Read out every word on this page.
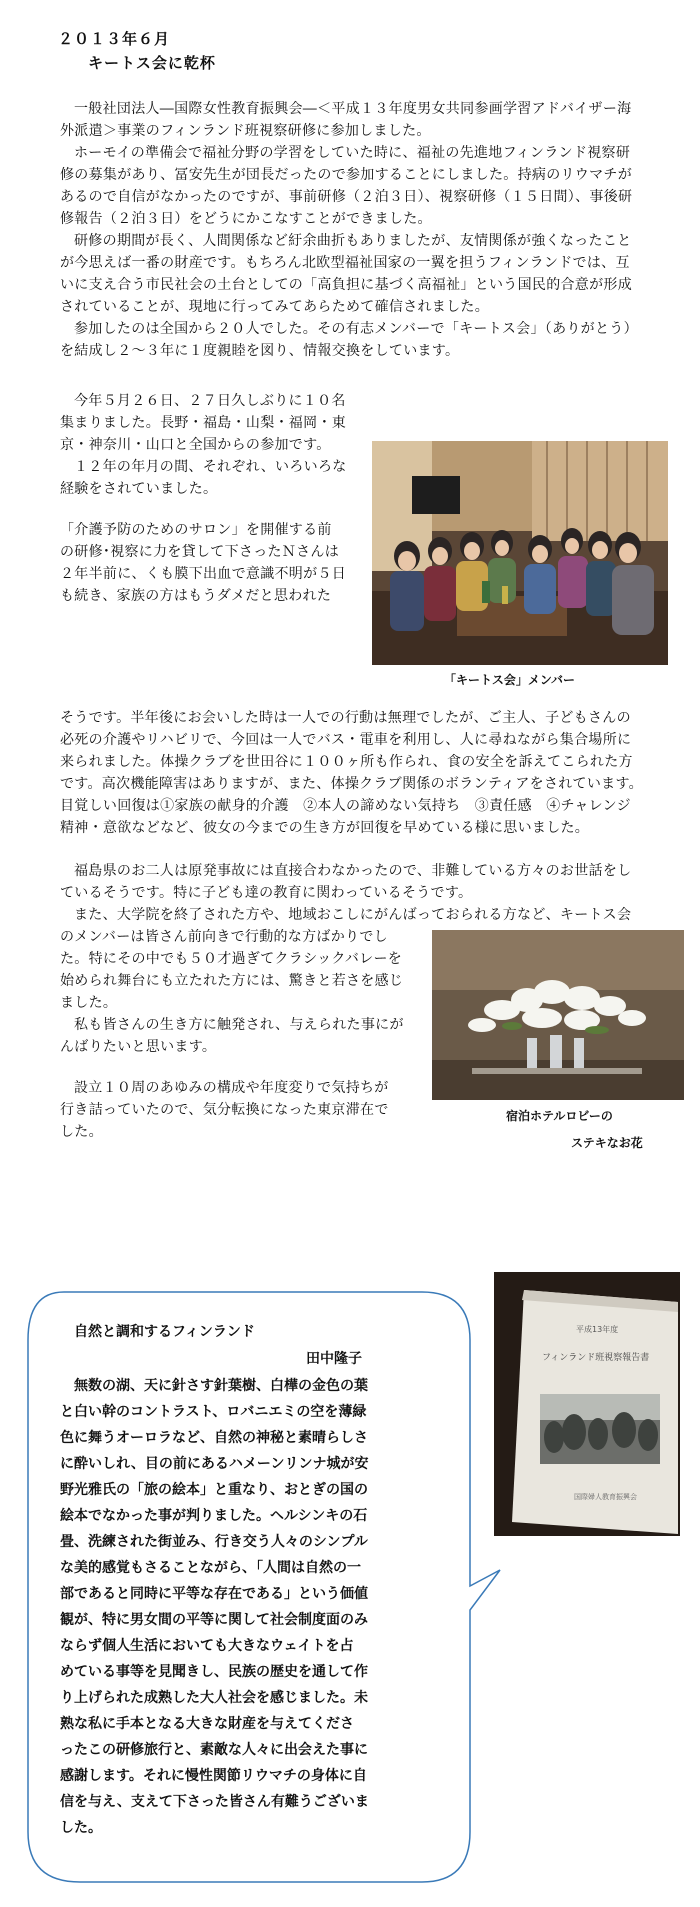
２０１３年６月
キートス会に乾杯
一般社団法人―国際女性教育振興会―＜平成１３年度男女共同参画学習アドバイザー海
外派遣＞事業のフィンランド班視察研修に参加しました。
ホーモイの準備会で福祉分野の学習をしていた時に、福祉の先進地フィンランド視察研
修の募集があり、冨安先生が団長だったので参加することにしました。持病のリウマチが
あるので自信がなかったのですが、事前研修（２泊３日）、視察研修（１５日間）、事後研
修報告（２泊３日）をどうにかこなすことができました。
研修の期間が長く、人間関係など紆余曲折もありましたが、友情関係が強くなったこと
が今思えば一番の財産です。もちろん北欧型福祉国家の一翼を担うフィンランドでは、互
いに支え合う市民社会の土台としての「高負担に基づく高福祉」という国民的合意が形成
されていることが、現地に行ってみてあらためて確信されました。
参加したのは全国から２０人でした。その有志メンバーで「キートス会」（ありがとう）
を結成し２～３年に１度親睦を図り、情報交換をしています。
今年５月２６日、２７日久しぶりに１０名
集まりました。長野・福島・山梨・福岡・東
京・神奈川・山口と全国からの参加です。
１２年の年月の間、それぞれ、いろいろな
経験をされていました。
「介護予防のためのサロン」を開催する前
の研修･視察に力を貸して下さったＮさんは
２年半前に、くも膜下出血で意識不明が５日
も続き、家族の方はもうダメだと思われた
「キートス会」メンバー
そうです。半年後にお会いした時は一人での行動は無理でしたが、ご主人、子どもさんの
必死の介護やリハビリで、今回は一人でバス・電車を利用し、人に尋ねながら集合場所に
来られました。体操クラブを世田谷に１００ヶ所も作られ、食の安全を訴えてこられた方
です。高次機能障害はありますが、また、体操クラブ関係のボランティアをされています。
目覚しい回復は①家族の献身的介護　②本人の諦めない気持ち　③責任感　④チャレンジ
精神・意欲などなど、彼女の今までの生き方が回復を早めている様に思いました。
福島県のお二人は原発事故には直接合わなかったので、非難している方々のお世話をし
ているそうです。特に子ども達の教育に関わっているそうです。
また、大学院を終了された方や、地域おこしにがんばっておられる方など、キートス会
のメンバーは皆さん前向きで行動的な方ばかりでし
た。特にその中でも５０才過ぎてクラシックバレーを
始められ舞台にも立たれた方には、驚きと若さを感じ
ました。
私も皆さんの生き方に触発され、与えられた事にが
んばりたいと思います。
設立１０周のあゆみの構成や年度変りで気持ちが
行き詰っていたので、気分転換になった東京滞在で
した。
宿泊ホテルロビーの
ステキなお花
自然と調和するフィンランド
田中隆子
無数の湖、天に針さす針葉樹、白樺の金色の葉
と白い幹のコントラスト、ロバニエミの空を薄緑
色に舞うオーロラなど、自然の神秘と素晴らしさ
に酔いしれ、目の前にあるハメーンリンナ城が安
野光雅氏の「旅の絵本」と重なり、おとぎの国の
絵本でなかった事が判りました。ヘルシンキの石
畳、洗練された街並み、行き交う人々のシンプル
な美的感覚もさることながら、「人間は自然の一
部であると同時に平等な存在である」という価値
観が、特に男女間の平等に関して社会制度面のみ
ならず個人生活においても大きなウェイトを占
めている事等を見聞きし、民族の歴史を通して作
り上げられた成熟した大人社会を感じました。未
熟な私に手本となる大きな財産を与えてくださ
ったこの研修旅行と、素敵な人々に出会えた事に
感謝します。それに慢性関節リウマチの身体に自
信を与え、支えて下さった皆さん有難うございま
した。
平成13年度
フィンランド班視察報告書
国際婦人教育振興会
